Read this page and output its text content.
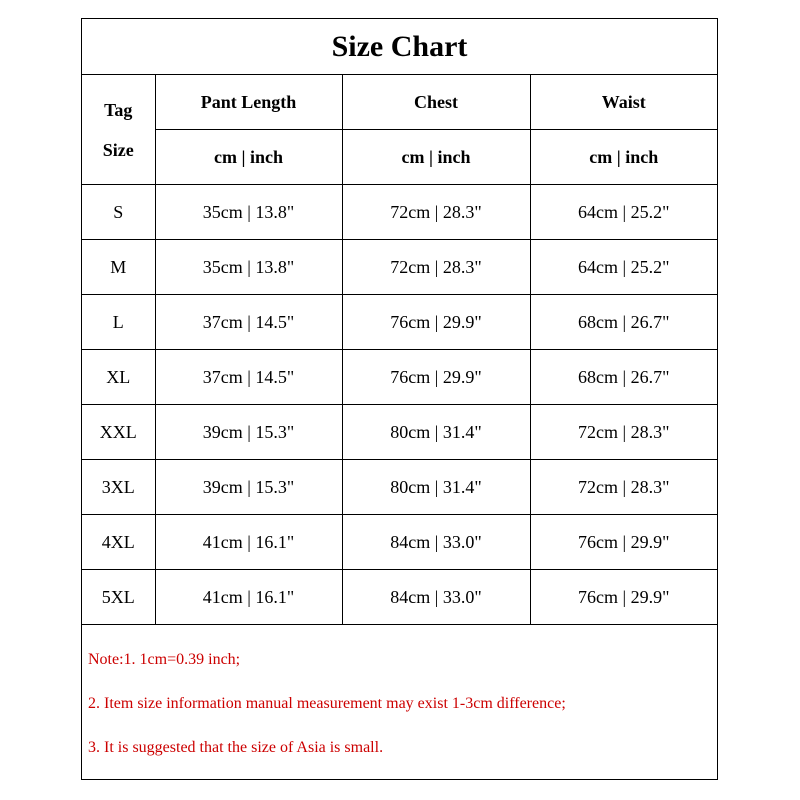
Size Chart			

Tag
Size	Pant Length	Chest	Waist
	cm | inch	cm | inch	cm | inch
S	35cm | 13.8"	72cm | 28.3"	64cm | 25.2"
M	35cm | 13.8"	72cm | 28.3"	64cm | 25.2"
L	37cm | 14.5"	76cm | 29.9"	68cm | 26.7"
XL	37cm | 14.5"	76cm | 29.9"	68cm | 26.7"
XXL	39cm | 15.3"	80cm | 31.4"	72cm | 28.3"
3XL	39cm | 15.3"	80cm | 31.4"	72cm | 28.3"
4XL	41cm | 16.1"	84cm | 33.0"	76cm | 29.9"
5XL	41cm | 16.1"	84cm | 33.0"	76cm | 29.9"
Note:1. 1cm=0.39 inch;
2. Item size information manual measurement may exist 1-3cm difference;
3. It is suggested that the size of Asia is small.
